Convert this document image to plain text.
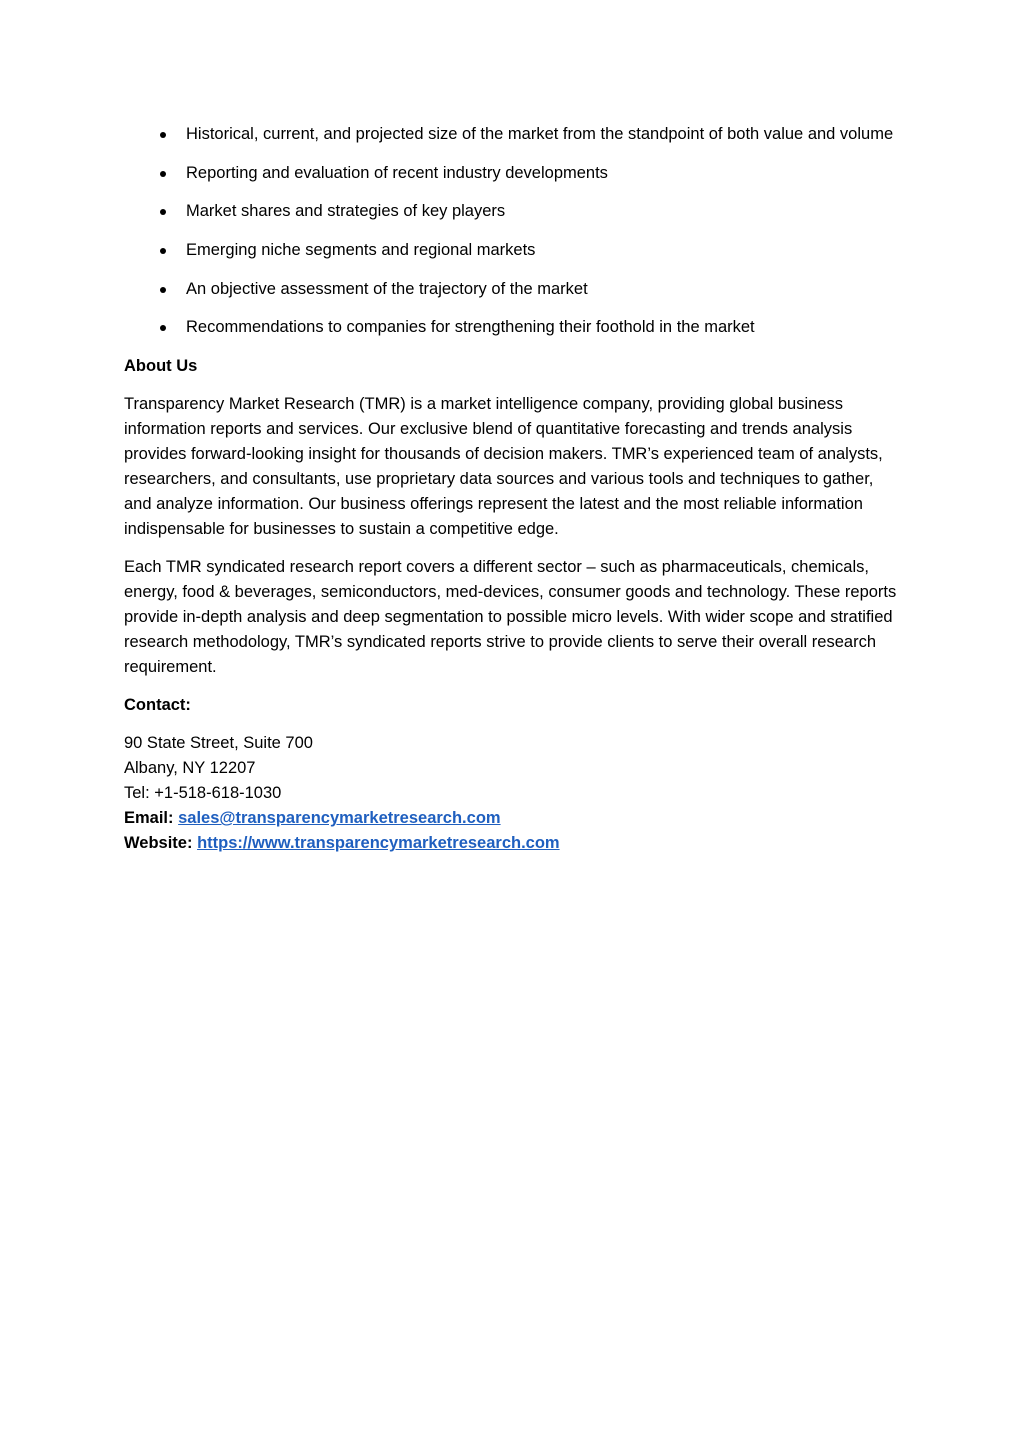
Historical, current, and projected size of the market from the standpoint of both value and volume
Reporting and evaluation of recent industry developments
Market shares and strategies of key players
Emerging niche segments and regional markets
An objective assessment of the trajectory of the market
Recommendations to companies for strengthening their foothold in the market

About Us

Transparency Market Research (TMR) is a market intelligence company, providing global business information reports and services. Our exclusive blend of quantitative forecasting and trends analysis provides forward-looking insight for thousands of decision makers. TMR’s experienced team of analysts, researchers, and consultants, use proprietary data sources and various tools and techniques to gather, and analyze information. Our business offerings represent the latest and the most reliable information indispensable for businesses to sustain a competitive edge.

Each TMR syndicated research report covers a different sector – such as pharmaceuticals, chemicals, energy, food & beverages, semiconductors, med-devices, consumer goods and technology. These reports provide in-depth analysis and deep segmentation to possible micro levels. With wider scope and stratified research methodology, TMR’s syndicated reports strive to provide clients to serve their overall research requirement.

Contact:

90 State Street, Suite 700
Albany, NY 12207
Tel: +1-518-618-1030
Email: sales@transparencymarketresearch.com
Website: https://www.transparencymarketresearch.com
